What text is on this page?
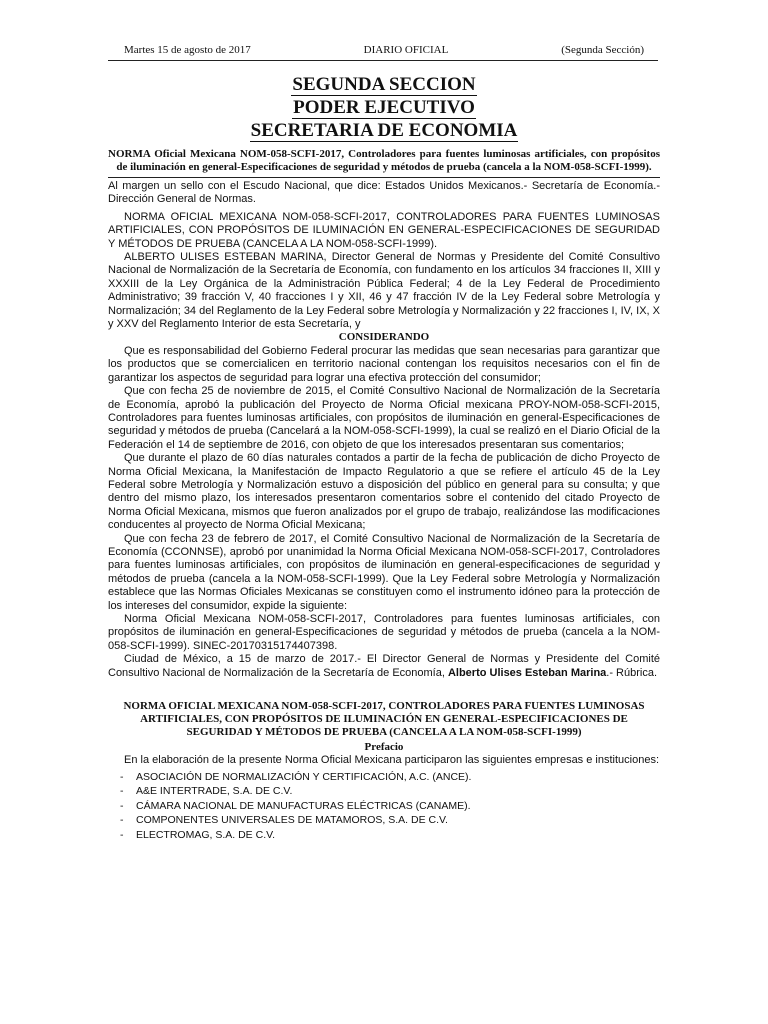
Martes 15 de agosto de 2017	DIARIO OFICIAL	(Segunda Sección)
SEGUNDA SECCION
PODER EJECUTIVO
SECRETARIA DE ECONOMIA

NORMA Oficial Mexicana NOM-058-SCFI-2017, Controladores para fuentes luminosas artificiales, con propósitos de iluminación en general-Especificaciones de seguridad y métodos de prueba (cancela a la NOM-058-SCFI-1999).

Al margen un sello con el Escudo Nacional, que dice: Estados Unidos Mexicanos.- Secretaría de Economía.- Dirección General de Normas.

NORMA OFICIAL MEXICANA NOM-058-SCFI-2017, CONTROLADORES PARA FUENTES LUMINOSAS ARTIFICIALES, CON PROPÓSITOS DE ILUMINACIÓN EN GENERAL-ESPECIFICACIONES DE SEGURIDAD Y MÉTODOS DE PRUEBA (CANCELA A LA NOM-058-SCFI-1999).

ALBERTO ULISES ESTEBAN MARINA, Director General de Normas y Presidente del Comité Consultivo Nacional de Normalización de la Secretaría de Economía, con fundamento en los artículos 34 fracciones II, XIII y XXXIII de la Ley Orgánica de la Administración Pública Federal; 4 de la Ley Federal de Procedimiento Administrativo; 39 fracción V, 40 fracciones I y XII, 46 y 47 fracción IV de la Ley Federal sobre Metrología y Normalización; 34 del Reglamento de la Ley Federal sobre Metrología y Normalización y 22 fracciones I, IV, IX, X y XXV del Reglamento Interior de esta Secretaría, y

CONSIDERANDO

Que es responsabilidad del Gobierno Federal procurar las medidas que sean necesarias para garantizar que los productos que se comercialicen en territorio nacional contengan los requisitos necesarios con el fin de garantizar los aspectos de seguridad para lograr una efectiva protección del consumidor;

Que con fecha 25 de noviembre de 2015, el Comité Consultivo Nacional de Normalización de la Secretaría de Economía, aprobó la publicación del Proyecto de Norma Oficial mexicana PROY-NOM-058-SCFI-2015, Controladores para fuentes luminosas artificiales, con propósitos de iluminación en general-Especificaciones de seguridad y métodos de prueba (Cancelará a la NOM-058-SCFI-1999), la cual se realizó en el Diario Oficial de la Federación el 14 de septiembre de 2016, con objeto de que los interesados presentaran sus comentarios;

Que durante el plazo de 60 días naturales contados a partir de la fecha de publicación de dicho Proyecto de Norma Oficial Mexicana, la Manifestación de Impacto Regulatorio a que se refiere el artículo 45 de la Ley Federal sobre Metrología y Normalización estuvo a disposición del público en general para su consulta; y que dentro del mismo plazo, los interesados presentaron comentarios sobre el contenido del citado Proyecto de Norma Oficial Mexicana, mismos que fueron analizados por el grupo de trabajo, realizándose las modificaciones conducentes al proyecto de Norma Oficial Mexicana;

Que con fecha 23 de febrero de 2017, el Comité Consultivo Nacional de Normalización de la Secretaría de Economía (CCONNSE), aprobó por unanimidad la Norma Oficial Mexicana NOM-058-SCFI-2017, Controladores para fuentes luminosas artificiales, con propósitos de iluminación en general-especificaciones de seguridad y métodos de prueba (cancela a la NOM-058-SCFI-1999). Que la Ley Federal sobre Metrología y Normalización establece que las Normas Oficiales Mexicanas se constituyen como el instrumento idóneo para la protección de los intereses del consumidor, expide la siguiente:

Norma Oficial Mexicana NOM-058-SCFI-2017, Controladores para fuentes luminosas artificiales, con propósitos de iluminación en general-Especificaciones de seguridad y métodos de prueba (cancela a la NOM-058-SCFI-1999). SINEC-20170315174407398.

Ciudad de México, a 15 de marzo de 2017.- El Director General de Normas y Presidente del Comité Consultivo Nacional de Normalización de la Secretaría de Economía, Alberto Ulises Esteban Marina.- Rúbrica.

NORMA OFICIAL MEXICANA NOM-058-SCFI-2017, CONTROLADORES PARA FUENTES LUMINOSAS ARTIFICIALES, CON PROPÓSITOS DE ILUMINACIÓN EN GENERAL-ESPECIFICACIONES DE SEGURIDAD Y MÉTODOS DE PRUEBA (CANCELA A LA NOM-058-SCFI-1999)

Prefacio

En la elaboración de la presente Norma Oficial Mexicana participaron las siguientes empresas e instituciones:

-	ASOCIACIÓN DE NORMALIZACIÓN Y CERTIFICACIÓN, A.C. (ANCE).
-	A&E INTERTRADE, S.A. DE C.V.
-	CÁMARA NACIONAL DE MANUFACTURAS ELÉCTRICAS (CANAME).
-	COMPONENTES UNIVERSALES DE MATAMOROS, S.A. DE C.V.
-	ELECTROMAG, S.A. DE C.V.
